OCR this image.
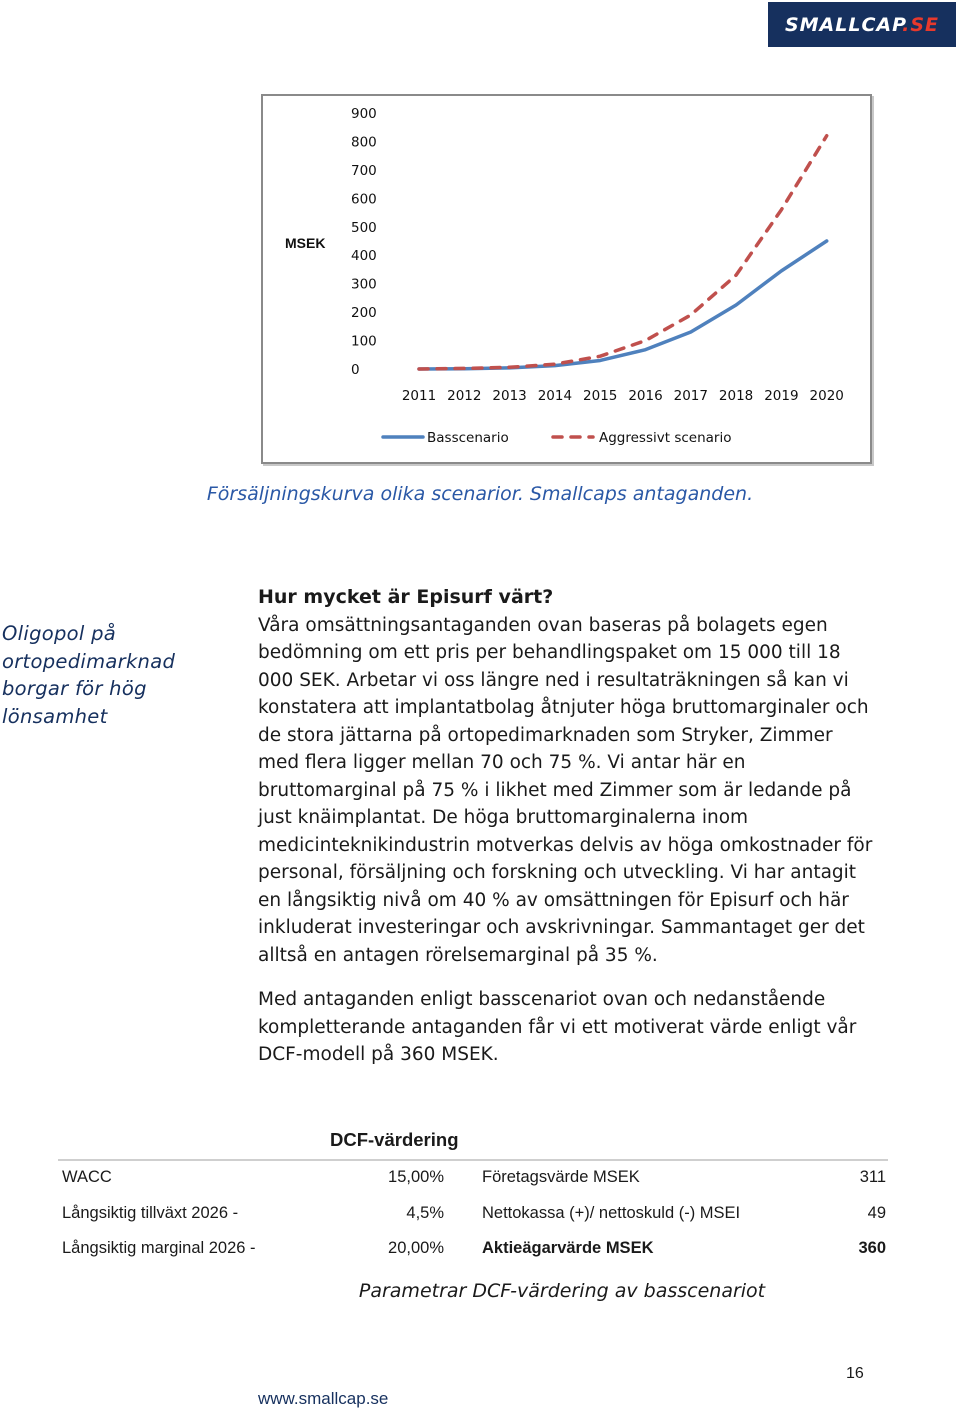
SMALLCAP.SE
MSEK
900
800
700
600
500
400
300
200
100
0
2011 2012 2013 2014 2015 2016 2017 2018 2019 2020
Basscenario	Aggressivt scenario
Försäljningskurva olika scenarior. Smallcaps antaganden.
Oligopol på
ortopedimarknad
borgar för hög
lönsamhet
Hur mycket är Episurf värt?

Våra omsättningsantaganden ovan baseras på bolagets egen bedömning om ett pris per behandlingspaket om 15 000 till 18 000 SEK. Arbetar vi oss längre ned i resultaträkningen så kan vi konstatera att implantatbolag åtnjuter höga bruttomarginaler och de stora jättarna på ortopedimarknaden som Stryker, Zimmer med flera ligger mellan 70 och 75 %. Vi antar här en bruttomarginal på 75 % i likhet med Zimmer som är ledande på just knäimplantat. De höga bruttomarginalerna inom medicinteknikindustrin motverkas delvis av höga omkostnader för personal, försäljning och forskning och utveckling. Vi har antagit en långsiktig nivå om 40 % av omsättningen för Episurf och här inkluderat investeringar och avskrivningar. Sammantaget ger det alltså en antagen rörelsemarginal på 35 %.

Med antaganden enligt basscenariot ovan och nedanstående kompletterande antaganden får vi ett motiverat värde enligt vår DCF-modell på 360 MSEK.

DCF-värdering
WACC	15,00% Företagsvärde MSEK	311
Långsiktig tillväxt 2026 -	4,5% Nettokassa (+)/ nettoskuld (-) MSEI	49
Långsiktig marginal 2026 -	20,00% Aktieägarvärde MSEK	360
Parametrar DCF-värdering av basscenariot
16
www.smallcap.se
